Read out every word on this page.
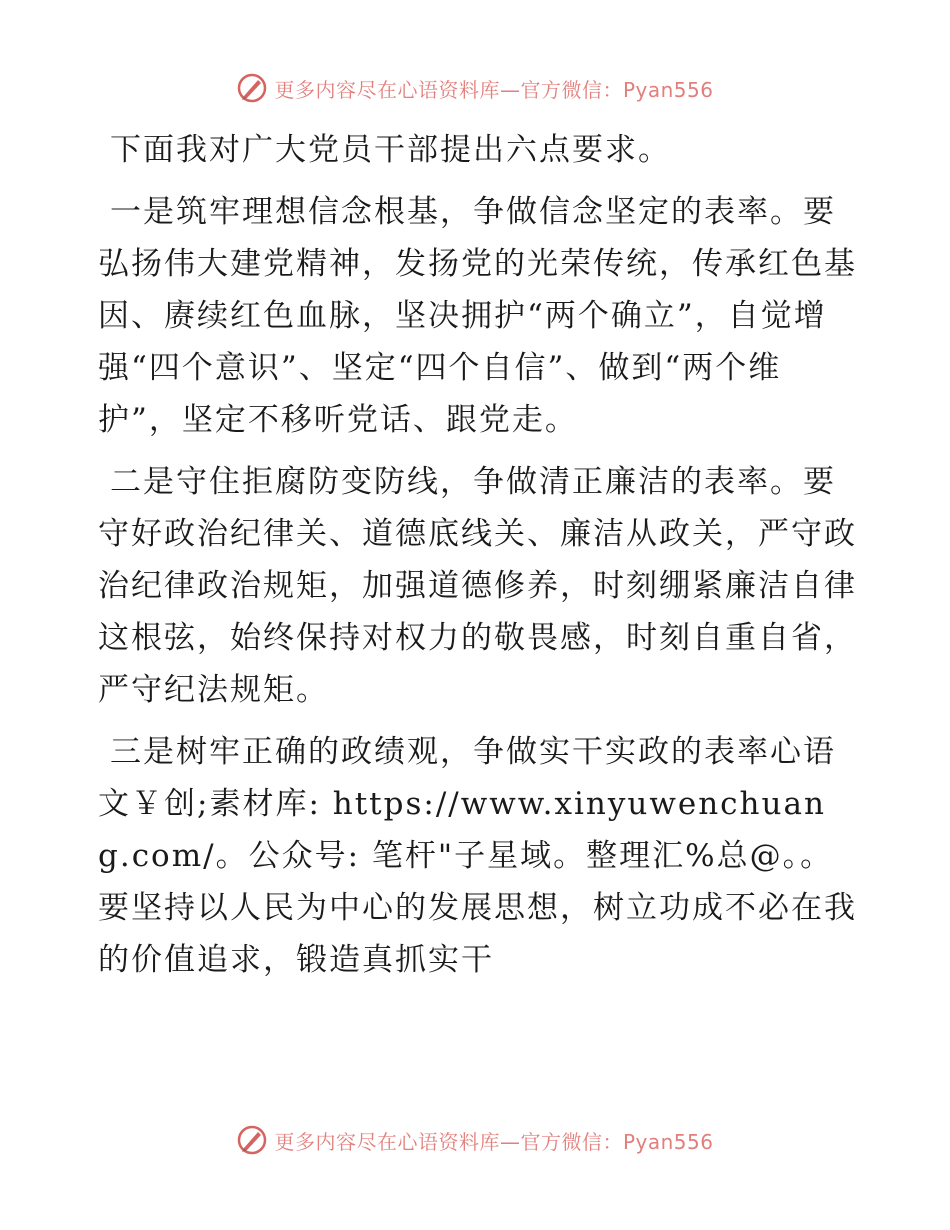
更多内容尽在心语资料库—官方微信：Pyan556

下面我对广大党员干部提出六点要求。

一是筑牢理想信念根基，争做信念坚定的表率。要弘扬伟大建党精神，发扬党的光荣传统，传承红色基因、赓续红色血脉，坚决拥护“两个确立”，自觉增强“四个意识”、坚定“四个自信”、做到“两个维护”，坚定不移听党话、跟党走。

二是守住拒腐防变防线，争做清正廉洁的表率。要守好政治纪律关、道德底线关、廉洁从政关，严守政治纪律政治规矩，加强道德修养，时刻绷紧廉洁自律这根弦，始终保持对权力的敬畏感，时刻自重自省，严守纪法规矩。

三是树牢正确的政绩观，争做实干实政的表率心语文￥创;素材库: https://www.xinyuwenchuang.com/。公众号: 笔杆"子星域。整理汇%总@。。要坚持以人民为中心的发展思想，树立功成不必在我的价值追求，锻造真抓实干

更多内容尽在心语资料库—官方微信：Pyan556
